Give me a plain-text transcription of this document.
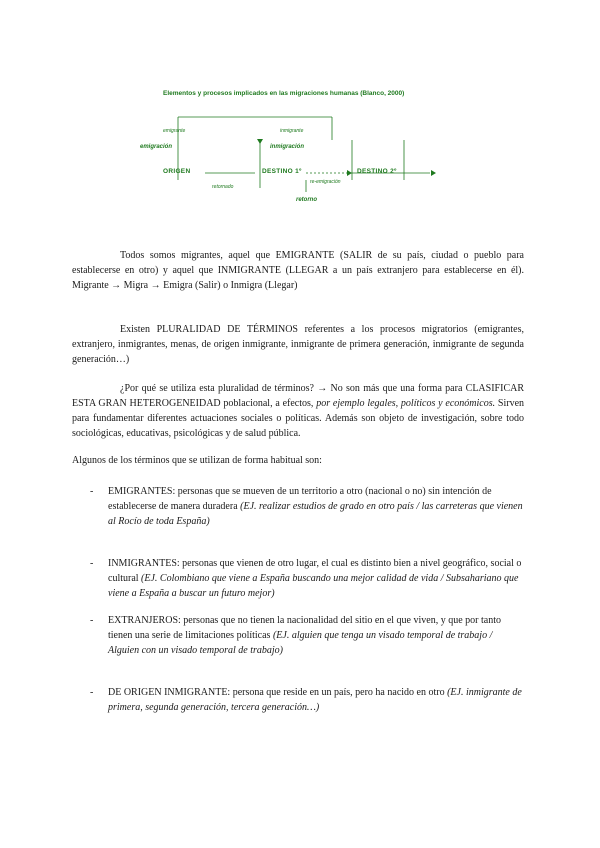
Elementos y procesos implicados en las migraciones humanas (Blanco, 2000)
emigrante	inmigrante
emigración	inmigración
ORIGEN	DESTINO 1º	DESTINO 2º
retornado
re-emigración
retorno
Todos somos migrantes, aquel que EMIGRANTE (SALIR de su país, ciudad o pueblo para establecerse en otro) y aquel que INMIGRANTE (LLEGAR a un país extranjero para establecerse en él). Migrante → Migra → Emigra (Salir) o Inmigra (Llegar)
Existen PLURALIDAD DE TÉRMINOS referentes a los procesos migratorios (emigrantes, extranjero, inmigrantes, menas, de origen inmigrante, inmigrante de primera generación, inmigrante de segunda generación…)
¿Por qué se utiliza esta pluralidad de términos? → No son más que una forma para CLASIFICAR ESTA GRAN HETEROGENEIDAD poblacional, a efectos, por ejemplo legales, políticos y económicos. Sirven para fundamentar diferentes actuaciones sociales o políticas. Además son objeto de investigación, sobre todo sociológicas, educativas, psicológicas y de salud pública.
Algunos de los términos que se utilizan de forma habitual son:
- EMIGRANTES: personas que se mueven de un territorio a otro (nacional o no) sin intención de establecerse de manera duradera (EJ. realizar estudios de grado en otro país / las carreteras que vienen al Rocío de toda España)
- INMIGRANTES: personas que vienen de otro lugar, el cual es distinto bien a nivel geográfico, social o cultural (EJ. Colombiano que viene a España buscando una mejor calidad de vida / Subsahariano que viene a España a buscar un futuro mejor)
- EXTRANJEROS: personas que no tienen la nacionalidad del sitio en el que viven, y que por tanto tienen una serie de limitaciones políticas (EJ. alguien que tenga un visado temporal de trabajo / Alguien con un visado temporal de trabajo)
- DE ORIGEN INMIGRANTE: persona que reside en un país, pero ha nacido en otro (EJ. inmigrante de primera, segunda generación, tercera generación…)
